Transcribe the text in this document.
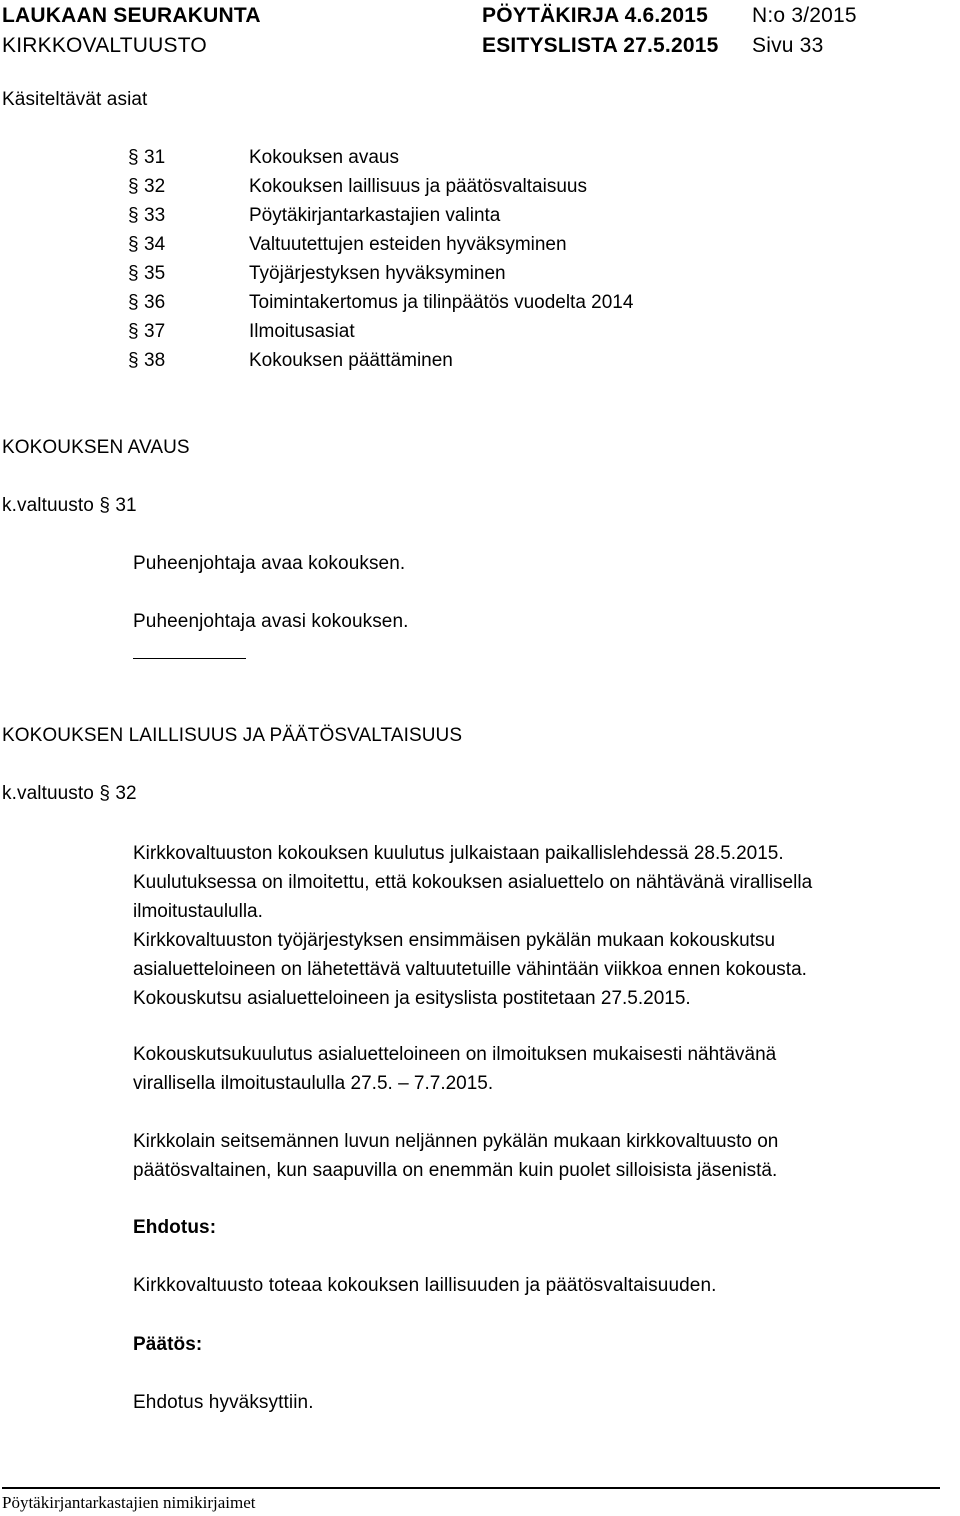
LAUKAAN SEURAKUNTA	PÖYTÄKIRJA 4.6.2015 N:o 3/2015
KIRKKOVALTUUSTO	ESITYSLISTA 27.5.2015 Sivu 33
Käsiteltävät asiat
§ 31	Kokouksen avaus
§ 32	Kokouksen laillisuus ja päätösvaltaisuus
§ 33	Pöytäkirjantarkastajien valinta
§ 34	Valtuutettujen esteiden hyväksyminen
§ 35	Työjärjestyksen hyväksyminen
§ 36	Toimintakertomus ja tilinpäätös vuodelta 2014
§ 37	Ilmoitusasiat
§ 38	Kokouksen päättäminen
KOKOUKSEN AVAUS
k.valtuusto § 31
Puheenjohtaja avaa kokouksen.
Puheenjohtaja avasi kokouksen.
KOKOUKSEN LAILLISUUS JA PÄÄTÖSVALTAISUUS
k.valtuusto § 32
Kirkkovaltuuston kokouksen kuulutus julkaistaan paikallislehdessä 28.5.2015.
Kuulutuksessa on ilmoitettu, että kokouksen asialuettelo on nähtävänä virallisella
ilmoitustaululla.
Kirkkovaltuuston työjärjestyksen ensimmäisen pykälän mukaan kokouskutsu
asialuetteloineen on lähetettävä valtuutetuille vähintään viikkoa ennen kokousta.
Kokouskutsu asialuetteloineen ja esityslista postitetaan 27.5.2015.
Kokouskutsukuulutus asialuetteloineen on ilmoituksen mukaisesti nähtävänä
virallisella ilmoitustaululla 27.5. – 7.7.2015.
Kirkkolain seitsemännen luvun neljännen pykälän mukaan kirkkovaltuusto on
päätösvaltainen, kun saapuvilla on enemmän kuin puolet silloisista jäsenistä.
Ehdotus:
Kirkkovaltuusto toteaa kokouksen laillisuuden ja päätösvaltaisuuden.
Päätös:
Ehdotus hyväksyttiin.
Pöytäkirjantarkastajien nimikirjaimet
